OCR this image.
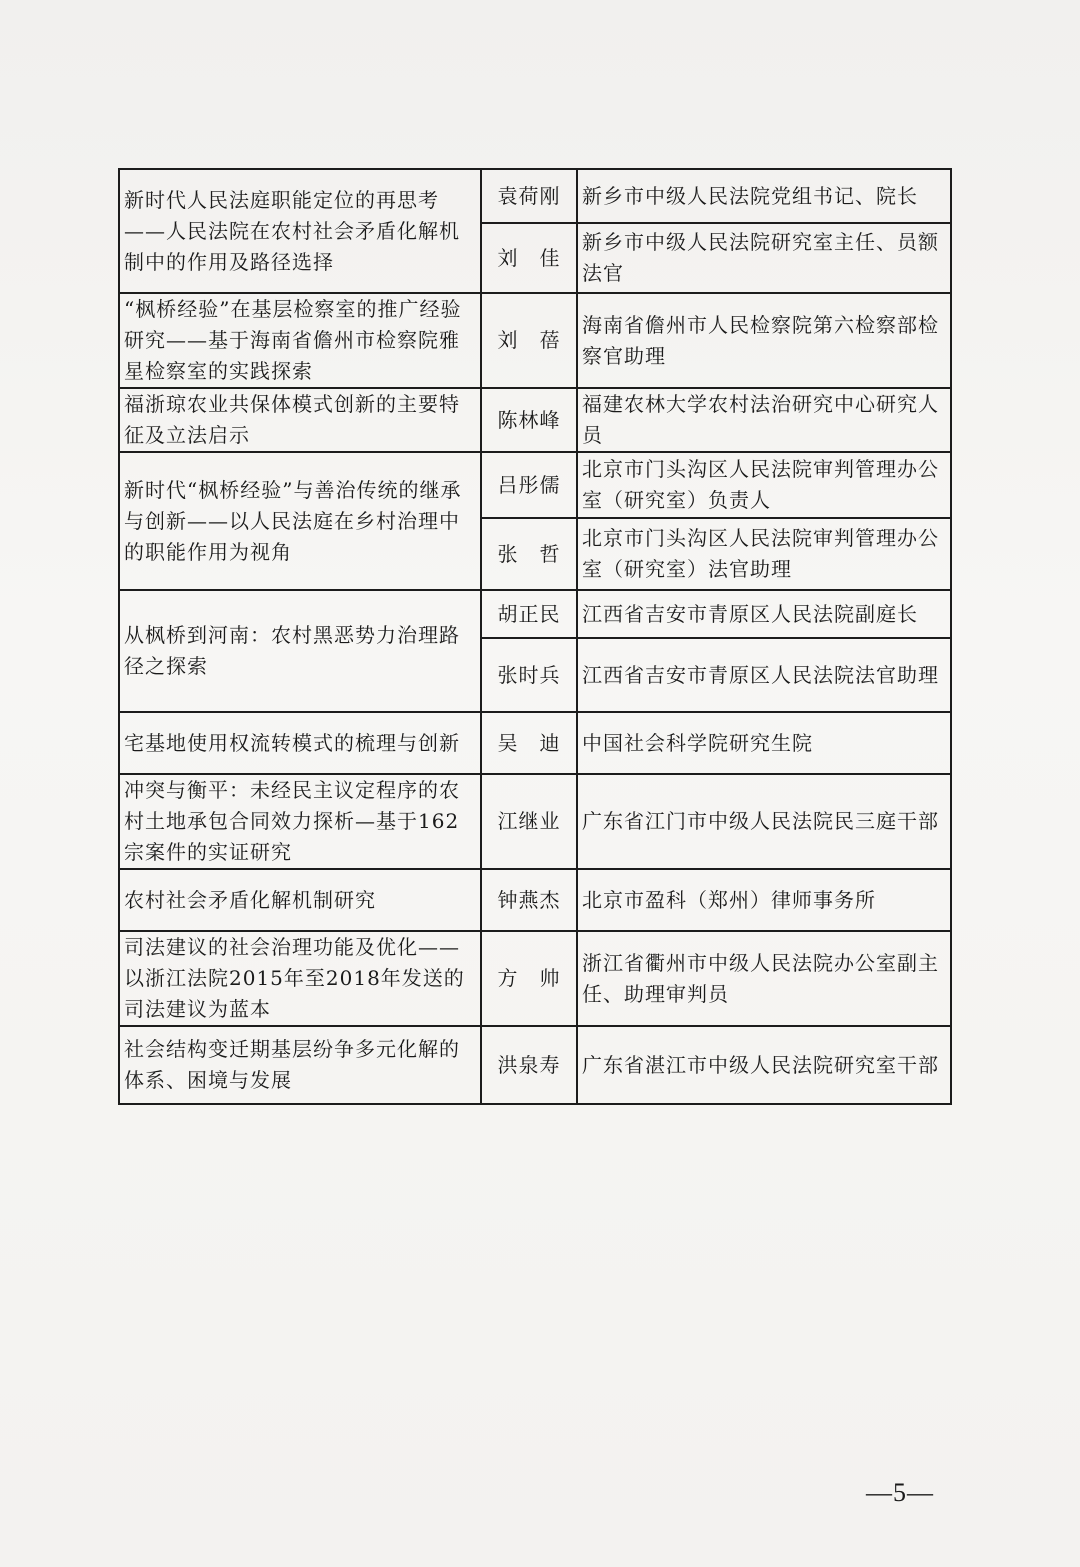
新时代人民法庭职能定位的再思考——人民法院在农村社会矛盾化解机制中的作用及路径选择	袁荷刚	新乡市中级人民法院党组书记、院长
	刘　佳	新乡市中级人民法院研究室主任、员额法官
“枫桥经验”在基层检察室的推广经验研究——基于海南省儋州市检察院雅星检察室的实践探索	刘　蓓	海南省儋州市人民检察院第六检察部检察官助理
福浙琼农业共保体模式创新的主要特征及立法启示	陈林峰	福建农林大学农村法治研究中心研究人员
新时代“枫桥经验”与善治传统的继承与创新——以人民法庭在乡村治理中的职能作用为视角	吕彤儒	北京市门头沟区人民法院审判管理办公室（研究室）负责人
	张　哲	北京市门头沟区人民法院审判管理办公室（研究室）法官助理
从枫桥到河南：农村黑恶势力治理路径之探索	胡正民	江西省吉安市青原区人民法院副庭长
	张时兵	江西省吉安市青原区人民法院法官助理
宅基地使用权流转模式的梳理与创新	吴　迪	中国社会科学院研究生院
冲突与衡平：未经民主议定程序的农村土地承包合同效力探析—基于162宗案件的实证研究	江继业	广东省江门市中级人民法院民三庭干部
农村社会矛盾化解机制研究	钟燕杰	北京市盈科（郑州）律师事务所
司法建议的社会治理功能及优化——以浙江法院2015年至2018年发送的司法建议为蓝本	方　帅	浙江省衢州市中级人民法院办公室副主任、助理审判员
社会结构变迁期基层纷争多元化解的体系、困境与发展	洪泉寿	广东省湛江市中级人民法院研究室干部
—5—
